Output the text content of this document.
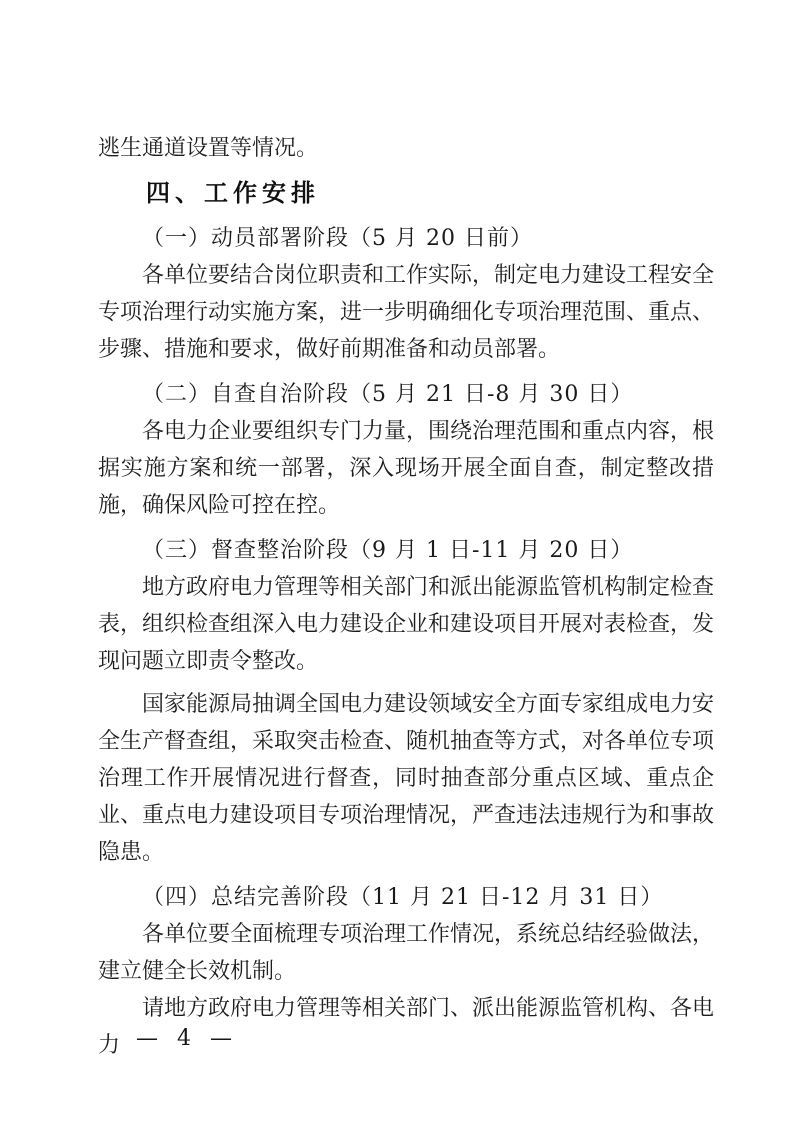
逃生通道设置等情况。

四、工作安排
（一）动员部署阶段（5 月 20 日前）

各单位要结合岗位职责和工作实际，制定电力建设工程安全专项治理行动实施方案，进一步明确细化专项治理范围、重点、步骤、措施和要求，做好前期准备和动员部署。

（二）自查自治阶段（5 月 21 日-8 月 30 日）

各电力企业要组织专门力量，围绕治理范围和重点内容，根据实施方案和统一部署，深入现场开展全面自查，制定整改措施，确保风险可控在控。

（三）督查整治阶段（9 月 1 日-11 月 20 日）

地方政府电力管理等相关部门和派出能源监管机构制定检查表，组织检查组深入电力建设企业和建设项目开展对表检查，发现问题立即责令整改。

国家能源局抽调全国电力建设领域安全方面专家组成电力安全生产督查组，采取突击检查、随机抽查等方式，对各单位专项治理工作开展情况进行督查，同时抽查部分重点区域、重点企业、重点电力建设项目专项治理情况，严查违法违规行为和事故隐患。

（四）总结完善阶段（11 月 21 日-12 月 31 日）

各单位要全面梳理专项治理工作情况，系统总结经验做法，建立健全长效机制。

请地方政府电力管理等相关部门、派出能源监管机构、各电力 — 4 —
